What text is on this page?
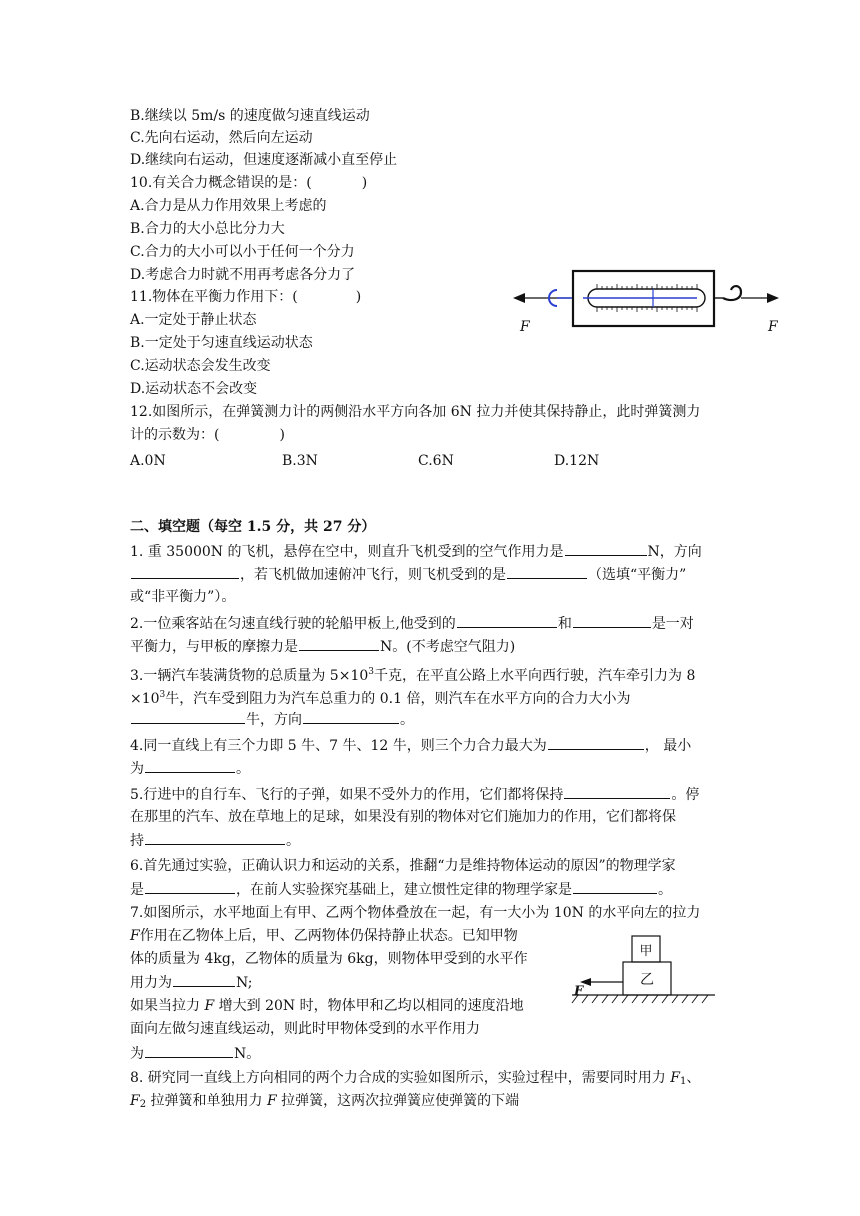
B.继续以 5m/s 的速度做匀速直线运动
C.先向右运动，然后向左运动
D.继续向右运动，但速度逐渐减小直至停止
10.有关合力概念错误的是：(	)
A.合力是从力作用效果上考虑的
B.合力的大小总比分力大
C.合力的大小可以小于任何一个分力
D.考虑合力时就不用再考虑各分力了
11.物体在平衡力作用下：(	)
A.一定处于静止状态
B.一定处于匀速直线运动状态
C.运动状态会发生改变
D.运动状态不会改变
F	F
12.如图所示，在弹簧测力计的两侧沿水平方向各加 6N 拉力并使其保持静止，此时弹簧测力
计的示数为：(	)
A.0N	B.3N	C.6N	D.12N
二、填空题（每空 1.5 分，共 27 分）
1. 重 35000N 的飞机，悬停在空中，则直升飞机受到的空气作用力是	N，方向
，若飞机做加速俯冲飞行，则飞机受到的是	（选填“平衡力”
或“非平衡力”）。
2.一位乘客站在匀速直线行驶的轮船甲板上,他受到的	和	是一对
平衡力，与甲板的摩擦力是	N。(不考虑空气阻力)
3.一辆汽车装满货物的总质量为 $5\times 10^3$千克，在平直公路上水平向西行驶，汽车牵引力为 8
$\times 10^3$牛，汽车受到阻力为汽车总重力的 0.1 倍，则汽车在水平方向的合力大小为
牛，方向	。
4.同一直线上有三个力即 5 牛、7 牛、12 牛，则三个力合力最大为	， 最小
为	。
5.行进中的自行车、飞行的子弹，如果不受外力的作用，它们都将保持	。停
在那里的汽车、放在草地上的足球，如果没有别的物体对它们施加力的作用，它们都将保
持	。
6.首先通过实验，正确认识力和运动的关系，推翻“力是维持物体运动的原因”的物理学家
是	，在前人实验探究基础上，建立惯性定律的物理学家是	。
7.如图所示，水平地面上有甲、乙两个物体叠放在一起，有一大小为 10N 的水平向左的拉力
F作用在乙物体上后，甲、乙两物体仍保持静止状态。已知甲物
体的质量为 4kg，乙物体的质量为 6kg，则物体甲受到的水平作
用力为	N;
如果当拉力 F 增大到 20N 时，物体甲和乙均以相同的速度沿地
面向左做匀速直线运动，则此时甲物体受到的水平作用力
为	N。
甲
乙
F
8. 研究同一直线上方向相同的两个力合成的实验如图所示，实验过程中，需要同时用力 $F_1$、
$F_2$ 拉弹簧和单独用力 F 拉弹簧，这两次拉弹簧应使弹簧的下端
